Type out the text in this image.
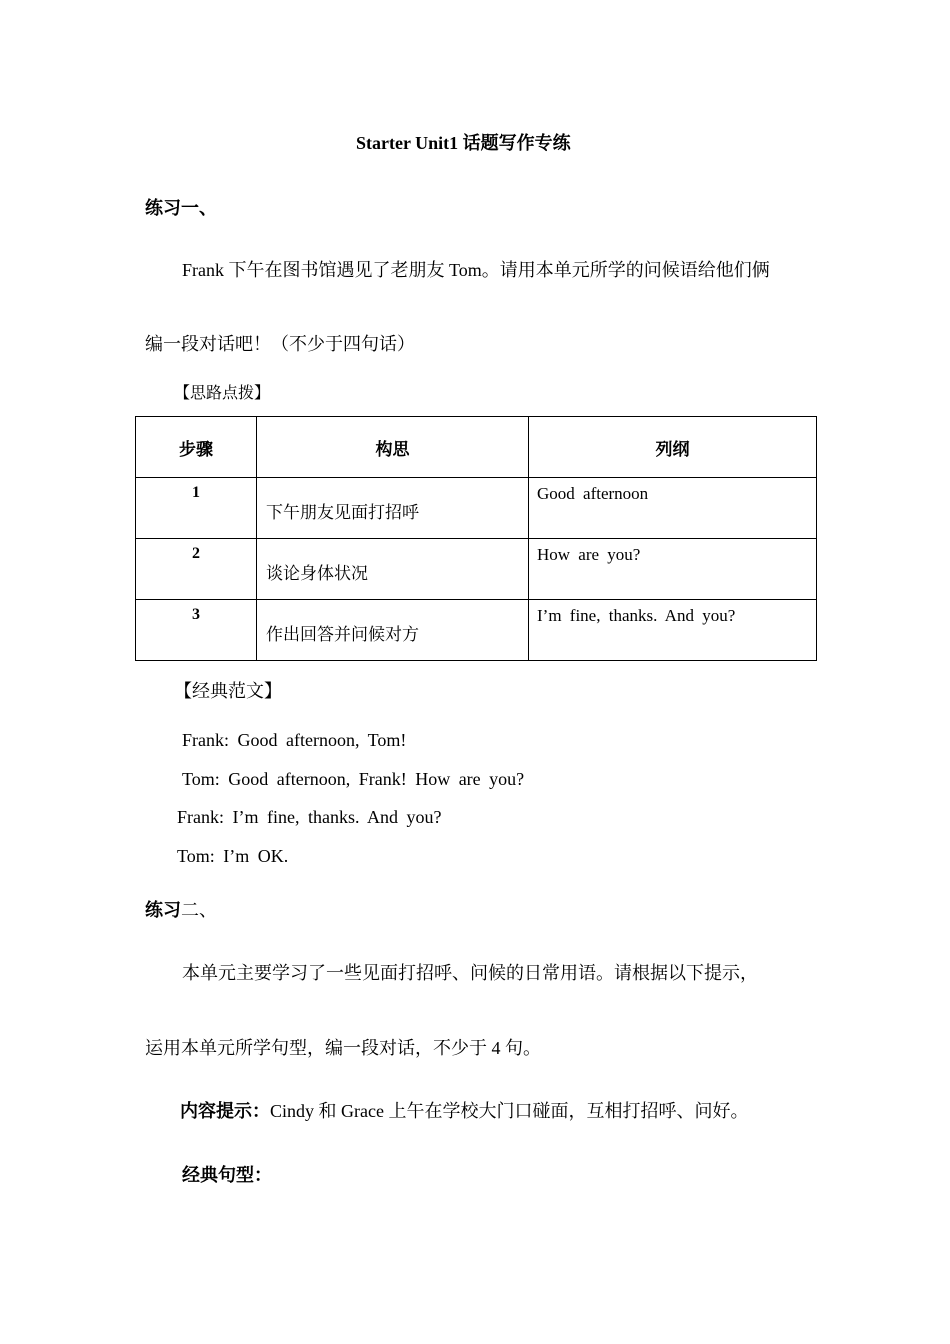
Starter Unit1 话题写作专练
练习一、
Frank 下午在图书馆遇见了老朋友 Tom。请用本单元所学的问候语给他们俩
编一段对话吧！（不少于四句话）
【思路点拨】
步骤	构思	列纲

1	下午朋友见面打招呼	Good afternoon

2	谈论身体状况	How are you?

3	作出回答并问候对方	I’m fine, thanks. And you?
【经典范文】
Frank: Good afternoon, Tom!
Tom: Good afternoon, Frank! How are you?
Frank: I’m fine, thanks. And you?
Tom: I’m OK.
练习二、
本单元主要学习了一些见面打招呼、问候的日常用语。请根据以下提示，
运用本单元所学句型，编一段对话，不少于 4 句。
内容提示：Cindy 和 Grace 上午在学校大门口碰面，互相打招呼、问好。
经典句型：
